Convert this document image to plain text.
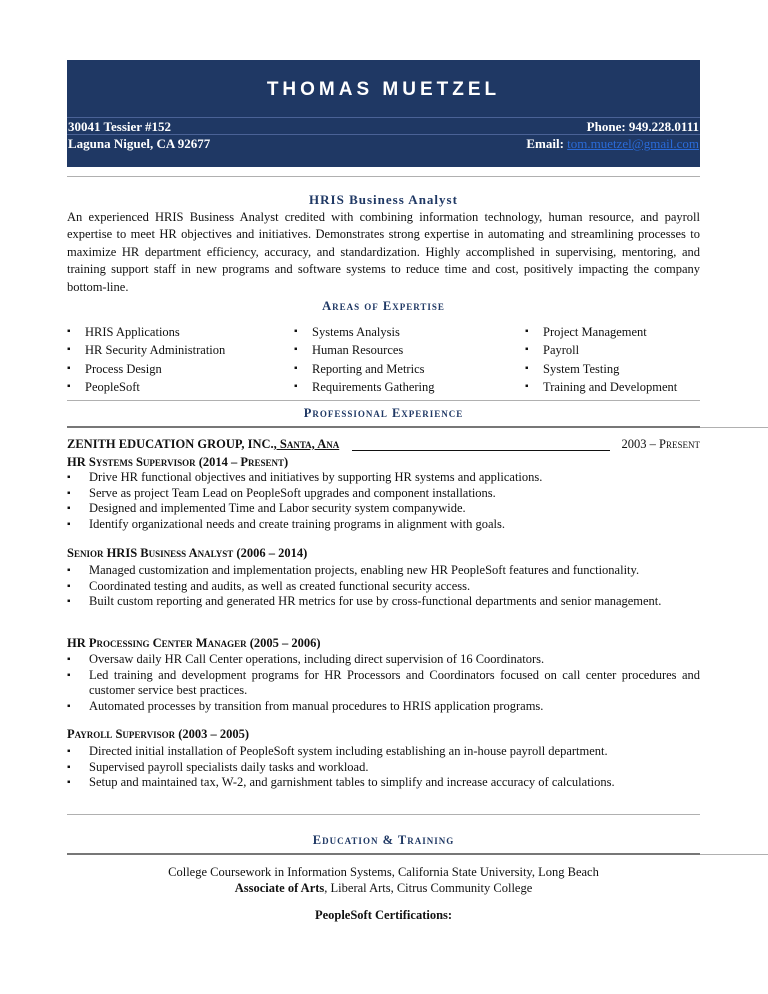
THOMAS MUETZEL
30041 Tessier #152	Phone: 949.228.0111
Laguna Niguel, CA 92677	Email: tom.muetzel@gmail.com
HRIS Business Analyst
An experienced HRIS Business Analyst credited with combining information technology, human resource, and payroll expertise to meet HR objectives and initiatives. Demonstrates strong expertise in automating and streamlining processes to maximize HR department efficiency, accuracy, and standardization. Highly accomplished in supervising, mentoring, and training support staff in new programs and software systems to reduce time and cost, positively impacting the company bottom-line.
Areas of Expertise
▪ HRIS Applications
▪ HR Security Administration
▪ Process Design
▪ PeopleSoft
▪ Systems Analysis
▪ Human Resources
▪ Reporting and Metrics
▪ Requirements Gathering
▪ Project Management
▪ Payroll
▪ System Testing
▪ Training and Development
Professional Experience
ZENITH EDUCATION GROUP, INC., Santa, Ana	2003 – Present
HR Systems Supervisor (2014 – Present)
▪ Drive HR functional objectives and initiatives by supporting HR systems and applications.
▪ Serve as project Team Lead on PeopleSoft upgrades and component installations.
▪ Designed and implemented Time and Labor security system companywide.
▪ Identify organizational needs and create training programs in alignment with goals.
Senior HRIS Business Analyst (2006 – 2014)
▪ Managed customization and implementation projects, enabling new HR PeopleSoft features and functionality.
▪ Coordinated testing and audits, as well as created functional security access.
▪ Built custom reporting and generated HR metrics for use by cross-functional departments and senior management.
HR Processing Center Manager (2005 – 2006)
▪ Oversaw daily HR Call Center operations, including direct supervision of 16 Coordinators.
▪ Led training and development programs for HR Processors and Coordinators focused on call center procedures and customer service best practices.
▪ Automated processes by transition from manual procedures to HRIS application programs.
Payroll Supervisor (2003 – 2005)
▪ Directed initial installation of PeopleSoft system including establishing an in-house payroll department.
▪ Supervised payroll specialists daily tasks and workload.
▪ Setup and maintained tax, W-2, and garnishment tables to simplify and increase accuracy of calculations.
Education & Training
College Coursework in Information Systems, California State University, Long Beach
Associate of Arts, Liberal Arts, Citrus Community College
PeopleSoft Certifications:
